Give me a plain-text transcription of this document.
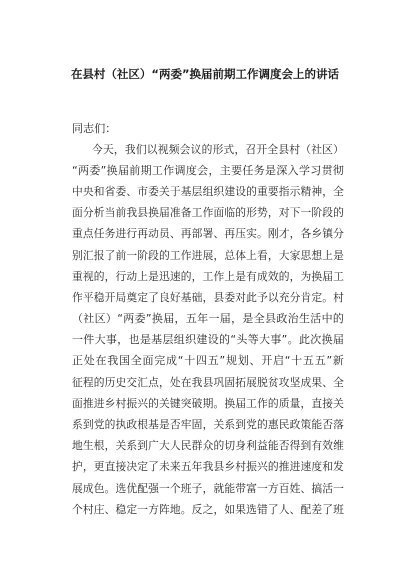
在县村（社区）“两委”换届前期工作调度会上的讲话
同志们：
今天，我们以视频会议的形式，召开全县村（社区）
“两委”换届前期工作调度会，主要任务是深入学习贯彻
中央和省委、市委关于基层组织建设的重要指示精神，全
面分析当前我县换届准备工作面临的形势，对下一阶段的
重点任务进行再动员、再部署、再压实。刚才，各乡镇分
别汇报了前一阶段的工作进展，总体上看，大家思想上是
重视的，行动上是迅速的，工作上是有成效的，为换届工
作平稳开局奠定了良好基础，县委对此予以充分肯定。村
（社区）“两委”换届，五年一届，是全县政治生活中的
一件大事，也是基层组织建设的“头等大事”。此次换届
正处在我国全面完成“十四五”规划、开启“十五五”新
征程的历史交汇点，处在我县巩固拓展脱贫攻坚成果、全
面推进乡村振兴的关键突破期。换届工作的质量，直接关
系到党的执政根基是否牢固，关系到党的惠民政策能否落
地生根，关系到广大人民群众的切身利益能否得到有效维
护，更直接决定了未来五年我县乡村振兴的推进速度和发
展成色。选优配强一个班子，就能带富一方百姓、搞活一
个村庄、稳定一方阵地。反之，如果选错了人、配差了班
